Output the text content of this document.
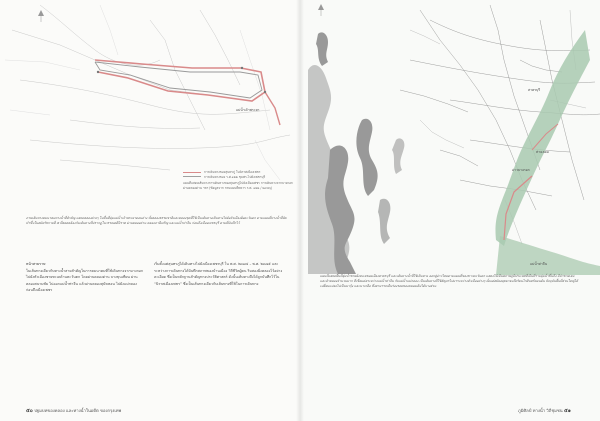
แม่น้ำเจ้าพระยา
การเดินทางของสุนทรภู่ ในนิราศเมืองเพชร
การเดินทางของ ร.ศ.๑๒๒ ชุมพร-ไปยังเพชรบุรี
แผนที่แสดงเส้นทางการเดินทางของสุนทรภู่ไปยังเมืองเพชร การเดินทางจากบางกอกผ่านคลองด่าน ฯลฯ (ข้อมูลจาก กรมแผนที่ทหาร ร.ศ. ๑๒๒ / ๒๔๔๖)
ภาพเส้นทางคมนาคมทางน้ำที่สำคัญ แสดงคลองต่างๆ ในพื้นที่ลุ่มแม่น้ำเจ้าพระยาตอนล่าง ทั้งคลองธรรมชาติและคลองขุดที่ใช้เป็นเส้นทางเดินทางไปยังหัวเมืองฝั่งตะวันตก ตามแผนที่ทางน้ำที่จัดทำขึ้นในสมัยรัชกาลที่ ๕ ที่สอดคล้องกับเส้นทางที่ปรากฏในวรรณคดีนิราศ ผ่านคลองด่าน คลองภาษีเจริญ และแม่น้ำท่าจีน ก่อนถึงเมืองเพชรบุรี ตามที่บันทึกไว้
หน้าสายราษ
ในเส้นทางเดียวกันทางน้ำสายสำคัญในการคมนาคมที่ใช้เดินทางจากบางกอกไปยังหัวเมืองชายทะเลด้านตะวันตก โดยผ่านคลองด่าน บางขุนเทียน ผ่านคลองสนามชัย ไปออกแม่น้ำท่าจีน แล้วผ่านคลองสุนัขหอน ไปยังแม่กลอง ก่อนถึงเมืองเพชร
เริ่มตั้งแต่สุนทรภู่ได้เดินทางไปยังเมืองเพชรบุรี ใน พ.ศ. ๒๓๗๔ – พ.ศ. ๒๓๗๕ และระหว่างการเดินทางได้บันทึกสภาพของบ้านเมือง วิถีชีวิตผู้คน ริมสองฝั่งคลองไว้อย่างละเอียด ซึ่งเป็นหลักฐานสำคัญทางประวัติศาสตร์ ดังนั้นเส้นทางจึงได้ถูกบันทึกไว้ใน “นิราศเมืองเพชร” ซึ่งเป็นเส้นทางเดียวกับเส้นทางที่ใช้ในการเดินทาง
๕๐ ปฐมบทของคลอง และทางน้ำในอดีต ของกรุงเทพ
สาครบุรี
อ่าวบางกอก
ท่าฉลอม
แม่น้ำท่าจีน
แผนที่แสดงพื้นที่ลุ่มน้ำชายฝั่งทะเลของเมืองสาครบุรี และเส้นทางน้ำที่ใช้เดินทาง ออกสู่อ่าวไทยตามแผนที่ของชาวตะวันตก แสดงให้เห็นสภาพภูมิประเทศที่เป็นที่ราบลุ่มน้ำขึ้นถึง มีป่าชายเลน และลำคลองจำนวนมาก ที่เชื่อมต่อระหว่างแม่น้ำท่าจีน กับแม่น้ำแม่กลอง เป็นเส้นทางที่ใช้สัญจรไปมาระหว่างหัวเมืองต่างๆ ตั้งแต่สมัยอยุธยาจนถึงรัตนโกสินทร์ตอนต้น ปัจจุบันพื้นที่ส่วนใหญ่ได้เปลี่ยนแปลงไปเป็นนากุ้ง และนาเกลือ ซึ่งสามารถเห็นร่องรอยของคลองเดิมได้บางส่วน
ภูมิศิลป์ ทางน้ำ วิถีชุมชน ๕๑
